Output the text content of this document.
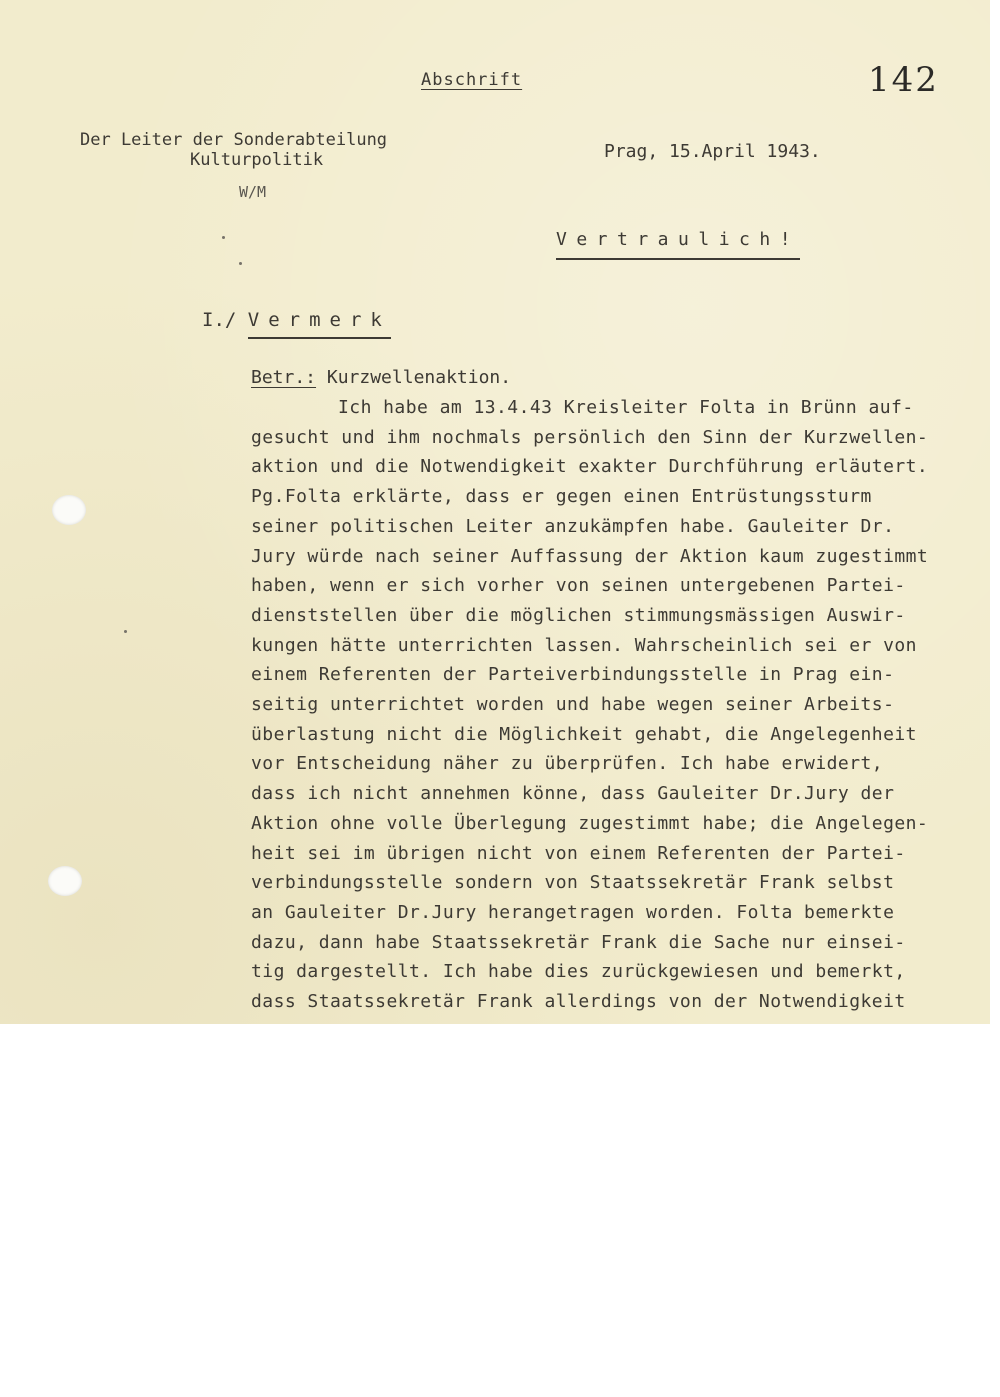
Abschrift	142
Der Leiter der Sonderabteilung
Kulturpolitik
W/M
Prag, 15.April 1943.
Vertraulich!
I./ Vermerk
Betr.: Kurzwellenaktion.
Ich habe am 13.4.43 Kreisleiter Folta in Brünn auf-
gesucht und ihm nochmals persönlich den Sinn der Kurzwellen-
aktion und die Notwendigkeit exakter Durchführung erläutert.
Pg.Folta erklärte, dass er gegen einen Entrüstungssturm
seiner politischen Leiter anzukämpfen habe. Gauleiter Dr.
Jury würde nach seiner Auffassung der Aktion kaum zugestimmt
haben, wenn er sich vorher von seinen untergebenen Partei-
dienststellen über die möglichen stimmungsmässigen Auswir-
kungen hätte unterrichten lassen. Wahrscheinlich sei er von
einem Referenten der Parteiverbindungsstelle in Prag ein-
seitig unterrichtet worden und habe wegen seiner Arbeits-
überlastung nicht die Möglichkeit gehabt, die Angelegenheit
vor Entscheidung näher zu überprüfen. Ich habe erwidert,
dass ich nicht annehmen könne, dass Gauleiter Dr.Jury der
Aktion ohne volle Überlegung zugestimmt habe; die Angelegen-
heit sei im übrigen nicht von einem Referenten der Partei-
verbindungsstelle sondern von Staatssekretär Frank selbst
an Gauleiter Dr.Jury herangetragen worden. Folta bemerkte
dazu, dann habe Staatssekretär Frank die Sache nur einsei-
tig dargestellt. Ich habe dies zurückgewiesen und bemerkt,
dass Staatssekretär Frank allerdings von der Notwendigkeit
